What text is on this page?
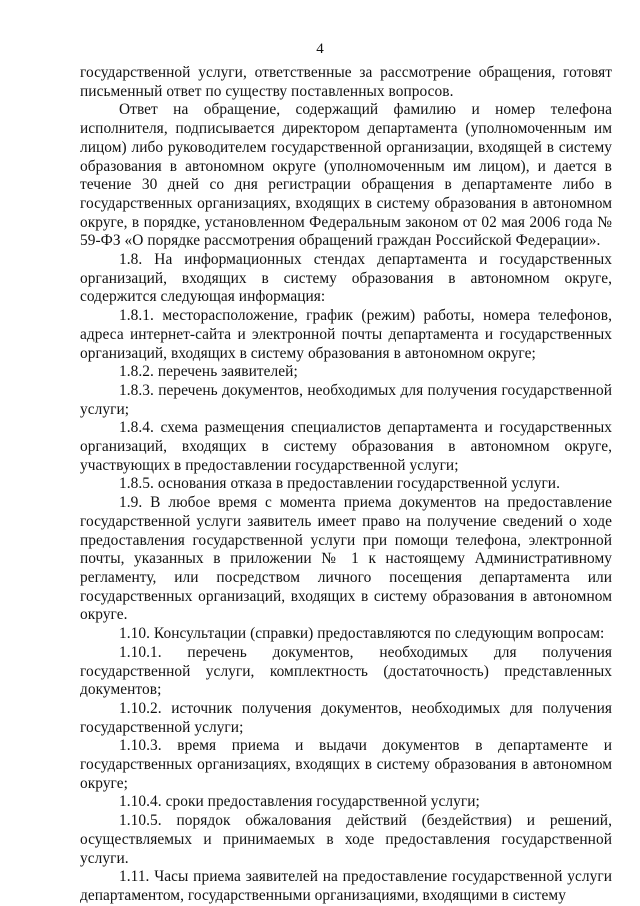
4

государственной услуги, ответственные за рассмотрение обращения, готовят письменный ответ по существу поставленных вопросов.

Ответ на обращение, содержащий фамилию и номер телефона исполнителя, подписывается директором департамента (уполномоченным им лицом) либо руководителем государственной организации, входящей в систему образования в автономном округе (уполномоченным им лицом), и дается в течение 30 дней со дня регистрации обращения в департаменте либо в государственных организациях, входящих в систему образования в автономном округе, в порядке, установленном Федеральным законом от 02 мая 2006 года № 59-ФЗ «О порядке рассмотрения обращений граждан Российской Федерации».

1.8. На информационных стендах департамента и государственных организаций, входящих в систему образования в автономном округе, содержится следующая информация:

1.8.1. месторасположение, график (режим) работы, номера телефонов, адреса интернет-сайта и электронной почты департамента и государственных организаций, входящих в систему образования в автономном округе;

1.8.2. перечень заявителей;

1.8.3. перечень документов, необходимых для получения государственной услуги;

1.8.4. схема размещения специалистов департамента и государственных организаций, входящих в систему образования в автономном округе, участвующих в предоставлении государственной услуги;

1.8.5. основания отказа в предоставлении государственной услуги.

1.9. В любое время с момента приема документов на предоставление государственной услуги заявитель имеет право на получение сведений о ходе предоставления государственной услуги при помощи телефона, электронной почты, указанных в приложении № 1 к настоящему Административному регламенту, или посредством личного посещения департамента или государственных организаций, входящих в систему образования в автономном округе.

1.10. Консультации (справки) предоставляются по следующим вопросам:

1.10.1. перечень документов, необходимых для получения государственной услуги, комплектность (достаточность) представленных документов;

1.10.2. источник получения документов, необходимых для получения государственной услуги;

1.10.3. время приема и выдачи документов в департаменте и государственных организациях, входящих в систему образования в автономном округе;

1.10.4. сроки предоставления государственной услуги;

1.10.5. порядок обжалования действий (бездействия) и решений, осуществляемых и принимаемых в ходе предоставления государственной услуги.

1.11. Часы приема заявителей на предоставление государственной услуги департаментом, государственными организациями, входящими в систему
